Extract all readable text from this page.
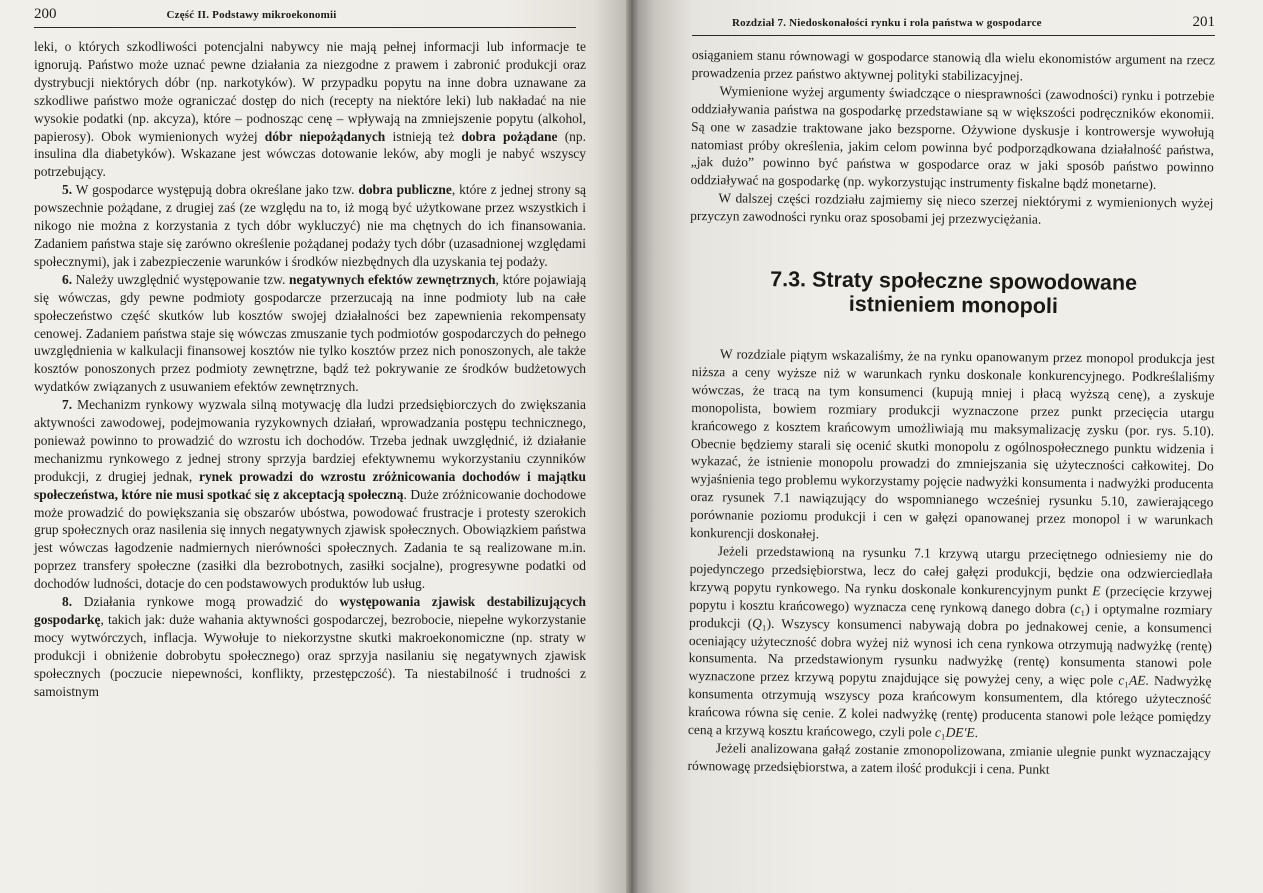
200	Część II. Podstawy mikroekonomii

leki, o których szkodliwości potencjalni nabywcy nie mają pełnej informacji lub informacje te ignorują. Państwo może uznać pewne działania za niezgodne z prawem i zabronić produkcji oraz dystrybucji niektórych dóbr (np. narkotyków). W przypadku popytu na inne dobra uznawane za szkodliwe państwo może ograniczać dostęp do nich (recepty na niektóre leki) lub nakładać na nie wysokie podatki (np. akcyza), które – podnosząc cenę – wpływają na zmniejszenie popytu (alkohol, papierosy). Obok wymienionych wyżej dóbr niepożądanych istnieją też dobra pożądane (np. insulina dla diabetyków). Wskazane jest wówczas dotowanie leków, aby mogli je nabyć wszyscy potrzebujący.

5. W gospodarce występują dobra określane jako tzw. dobra publiczne, które z jednej strony są powszechnie pożądane, z drugiej zaś (ze względu na to, iż mogą być użytkowane przez wszystkich i nikogo nie można z korzystania z tych dóbr wykluczyć) nie ma chętnych do ich finansowania. Zadaniem państwa staje się zarówno określenie pożądanej podaży tych dóbr (uzasadnionej względami społecznymi), jak i zabezpieczenie warunków i środków niezbędnych dla uzyskania tej podaży.

6. Należy uwzględnić występowanie tzw. negatywnych efektów zewnętrznych, które pojawiają się wówczas, gdy pewne podmioty gospodarcze przerzucają na inne podmioty lub na całe społeczeństwo część skutków lub kosztów swojej działalności bez zapewnienia rekompensaty cenowej. Zadaniem państwa staje się wówczas zmuszanie tych podmiotów gospodarczych do pełnego uwzględnienia w kalkulacji finansowej kosztów nie tylko kosztów przez nich ponoszonych, ale także kosztów ponoszonych przez podmioty zewnętrzne, bądź też pokrywanie ze środków budżetowych wydatków związanych z usuwaniem efektów zewnętrznych.

7. Mechanizm rynkowy wyzwala silną motywację dla ludzi przedsiębiorczych do zwiększania aktywności zawodowej, podejmowania ryzykownych działań, wprowadzania postępu technicznego, ponieważ powinno to prowadzić do wzrostu ich dochodów. Trzeba jednak uwzględnić, iż działanie mechanizmu rynkowego z jednej strony sprzyja bardziej efektywnemu wykorzystaniu czynników produkcji, z drugiej jednak, rynek prowadzi do wzrostu zróżnicowania dochodów i majątku społeczeństwa, które nie musi spotkać się z akceptacją społeczną. Duże zróżnicowanie dochodowe może prowadzić do powiększania się obszarów ubóstwa, powodować frustracje i protesty szerokich grup społecznych oraz nasilenia się innych negatywnych zjawisk społecznych. Obowiązkiem państwa jest wówczas łagodzenie nadmiernych nierówności społecznych. Zadania te są realizowane m.in. poprzez transfery społeczne (zasiłki dla bezrobotnych, zasiłki socjalne), progresywne podatki od dochodów ludności, dotacje do cen podstawowych produktów lub usług.

8. Działania rynkowe mogą prowadzić do występowania zjawisk destabilizujących gospodarkę, takich jak: duże wahania aktywności gospodarczej, bezrobocie, niepełne wykorzystanie mocy wytwórczych, inflacja. Wywołuje to niekorzystne skutki makroekonomiczne (np. straty w produkcji i obniżenie dobrobytu społecznego) oraz sprzyja nasilaniu się negatywnych zjawisk społecznych (poczucie niepewności, konflikty, przestępczość). Ta niestabilność i trudności z samoistnym

Rozdział 7. Niedoskonałości rynku i rola państwa w gospodarce	201

osiąganiem stanu równowagi w gospodarce stanowią dla wielu ekonomistów argument na rzecz prowadzenia przez państwo aktywnej polityki stabilizacyjnej.

Wymienione wyżej argumenty świadczące o niesprawności (zawodności) rynku i potrzebie oddziaływania państwa na gospodarkę przedstawiane są w większości podręczników ekonomii. Są one w zasadzie traktowane jako bezsporne. Ożywione dyskusje i kontrowersje wywołują natomiast próby określenia, jakim celom powinna być podporządkowana działalność państwa, „jak dużo” powinno być państwa w gospodarce oraz w jaki sposób państwo powinno oddziaływać na gospodarkę (np. wykorzystując instrumenty fiskalne bądź monetarne).

W dalszej części rozdziału zajmiemy się nieco szerzej niektórymi z wymienionych wyżej przyczyn zawodności rynku oraz sposobami jej przezwyciężania.

7.3. Straty społeczne spowodowane
istnieniem monopoli

W rozdziale piątym wskazaliśmy, że na rynku opanowanym przez monopol produkcja jest niższa a ceny wyższe niż w warunkach rynku doskonale konkurencyjnego. Podkreślaliśmy wówczas, że tracą na tym konsumenci (kupują mniej i płacą wyższą cenę), a zyskuje monopolista, bowiem rozmiary produkcji wyznaczone przez punkt przecięcia utargu krańcowego z kosztem krańcowym umożliwiają mu maksymalizację zysku (por. rys. 5.10). Obecnie będziemy starali się ocenić skutki monopolu z ogólnospołecznego punktu widzenia i wykazać, że istnienie monopolu prowadzi do zmniejszania się użyteczności całkowitej. Do wyjaśnienia tego problemu wykorzystamy pojęcie nadwyżki konsumenta i nadwyżki producenta oraz rysunek 7.1 nawiązujący do wspomnianego wcześniej rysunku 5.10, zawierającego porównanie poziomu produkcji i cen w gałęzi opanowanej przez monopol i w warunkach konkurencji doskonałej.

Jeżeli przedstawioną na rysunku 7.1 krzywą utargu przeciętnego odniesiemy nie do pojedynczego przedsiębiorstwa, lecz do całej gałęzi produkcji, będzie ona odzwierciedlała krzywą popytu rynkowego. Na rynku doskonale konkurencyjnym punkt E (przecięcie krzywej popytu i kosztu krańcowego) wyznacza cenę rynkową danego dobra (c₁) i optymalne rozmiary produkcji (Q₁). Wszyscy konsumenci nabywają dobra po jednakowej cenie, a konsumenci oceniający użyteczność dobra wyżej niż wynosi ich cena rynkowa otrzymują nadwyżkę (rentę) konsumenta. Na przedstawionym rysunku nadwyżkę (rentę) konsumenta stanowi pole wyznaczone przez krzywą popytu znajdujące się powyżej ceny, a więc pole c₁AE. Nadwyżkę konsumenta otrzymują wszyscy poza krańcowym konsumentem, dla którego użyteczność krańcowa równa się cenie. Z kolei nadwyżkę (rentę) producenta stanowi pole leżące pomiędzy ceną a krzywą kosztu krańcowego, czyli pole c₁DE′E.

Jeżeli analizowana gałąź zostanie zmonopolizowana, zmianie ulegnie punkt wyznaczający równowagę przedsiębiorstwa, a zatem ilość produkcji i cena. Punkt
